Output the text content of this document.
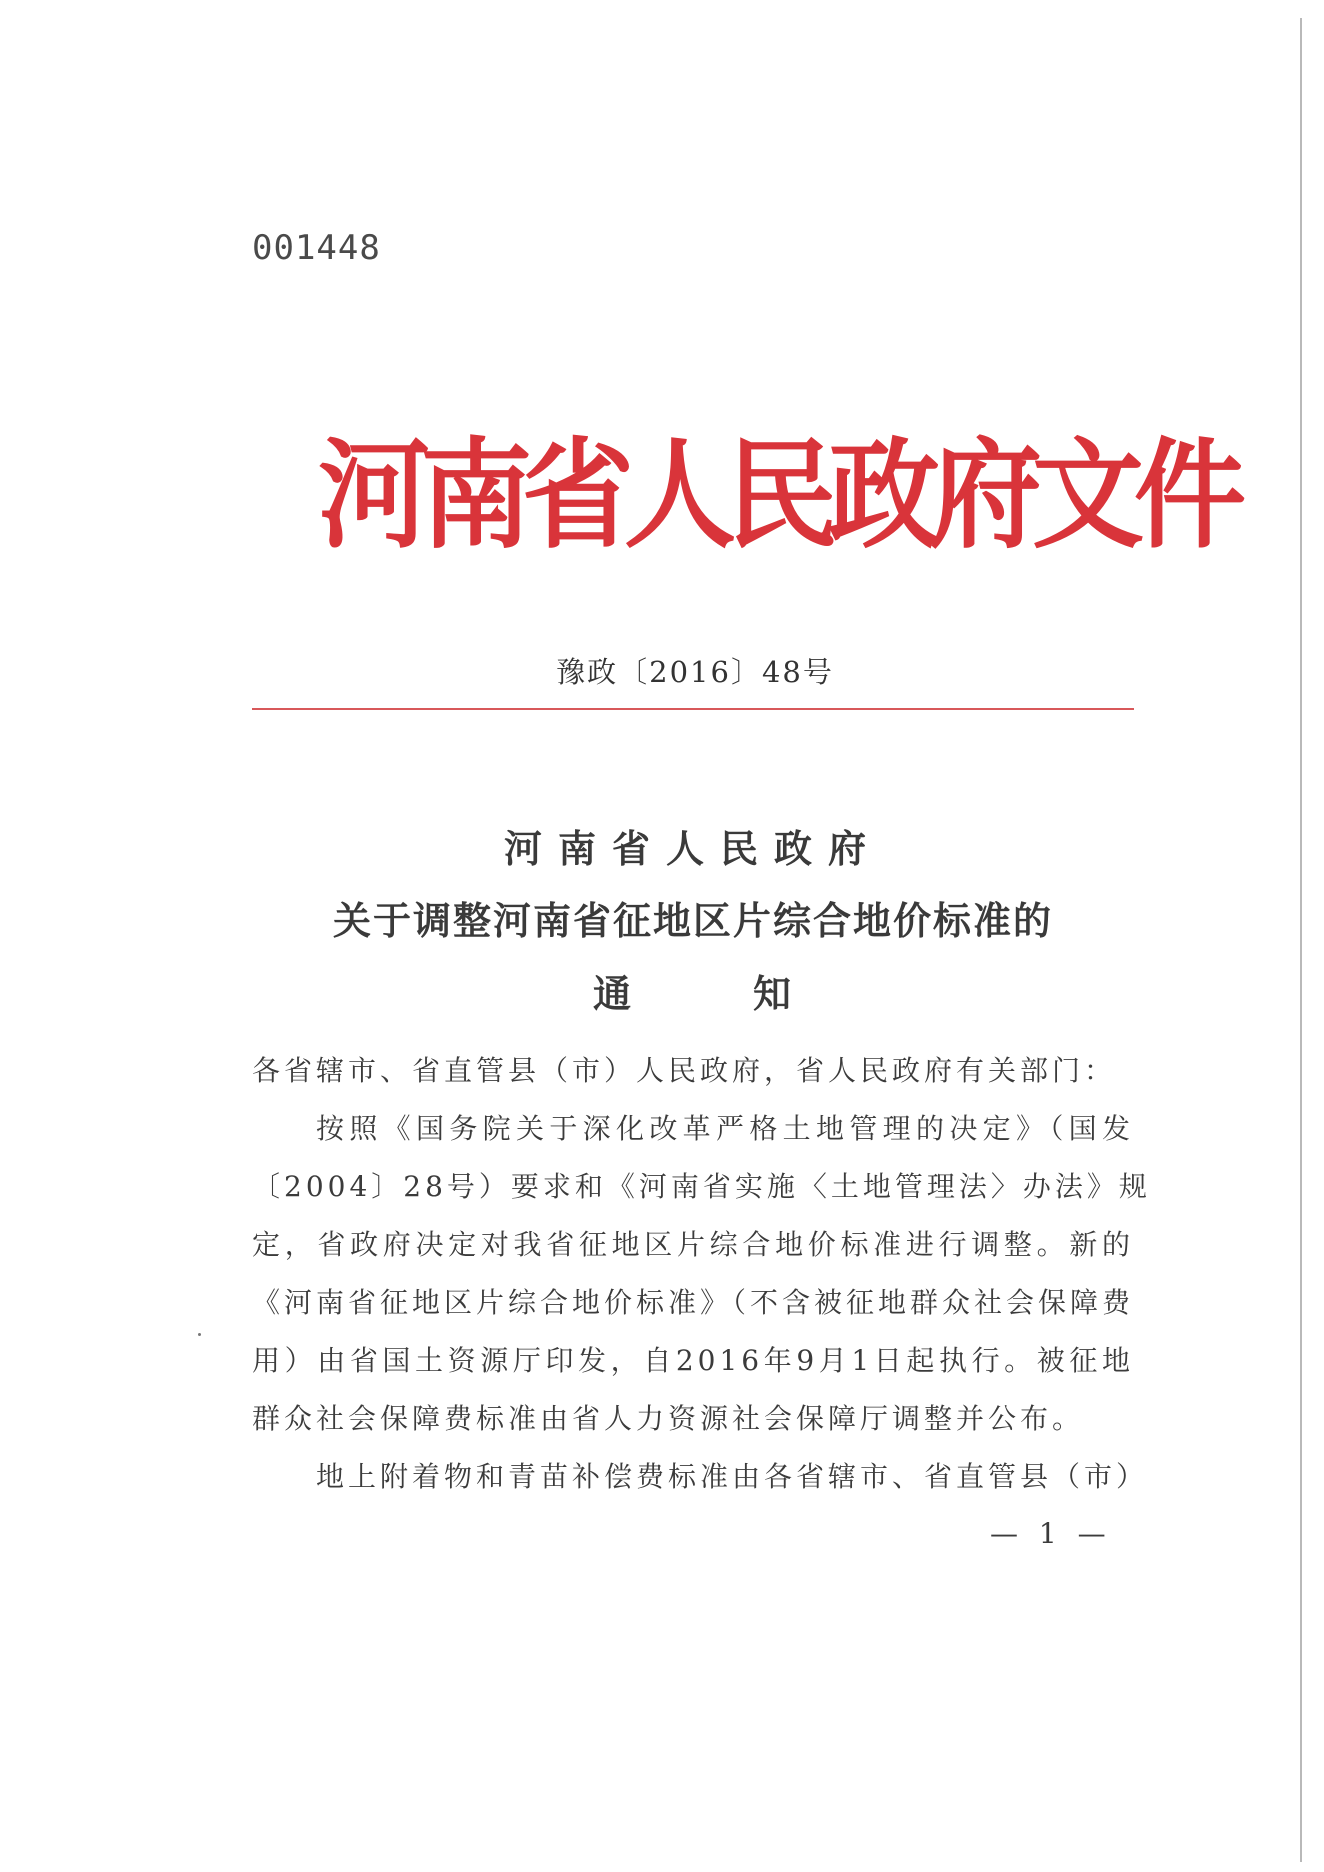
001448
河南省人民政府文件
豫政〔2016〕48号
河南省人民政府
关于调整河南省征地区片综合地价标准的
通	知
各省辖市、省直管县（市）人民政府，省人民政府有关部门：
按照《国务院关于深化改革严格土地管理的决定》（国发
〔2004〕28号）要求和《河南省实施〈土地管理法〉办法》规
定，省政府决定对我省征地区片综合地价标准进行调整。新的
《河南省征地区片综合地价标准》（不含被征地群众社会保障费
用）由省国土资源厅印发，自2016年9月1日起执行。被征地
群众社会保障费标准由省人力资源社会保障厅调整并公布。
地上附着物和青苗补偿费标准由各省辖市、省直管县（市）
— 1 —
